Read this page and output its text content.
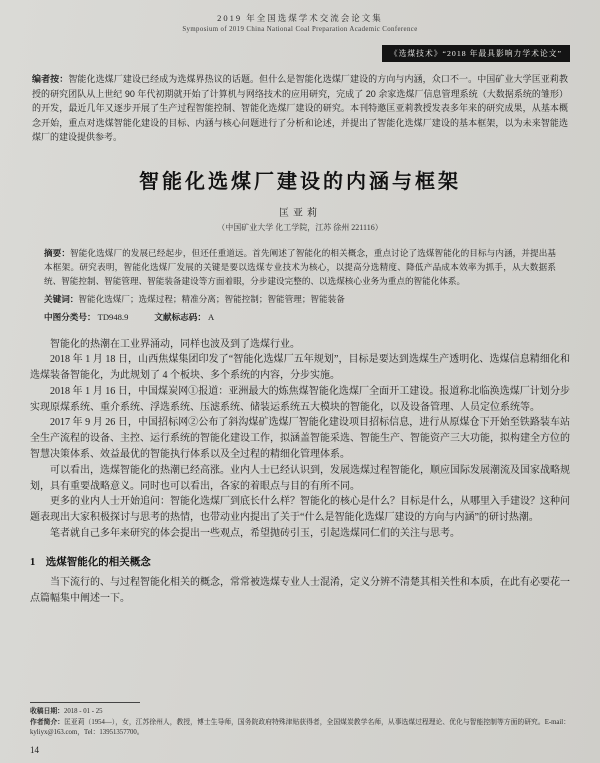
2019 年全国选煤学术交流会论文集
Symposium of 2019 China National Coal Preparation Academic Conference
《选煤技术》“2018 年最具影响力学术论文”

编者按：智能化选煤厂建设已经成为选煤界热议的话题。但什么是智能化选煤厂建设的方向与内涵，众口不一。中国矿业大学匡亚莉教授的研究团队从上世纪 90 年代初期就开始了计算机与网络技术的应用研究，完成了 20 余家选煤厂信息管理系统（大数据系统的雏形）的开发，最近几年又逐步开展了生产过程智能控制、智能化选煤厂建设的研究。本刊特邀匡亚莉教授发表多年来的研究成果，从基本概念开始，重点对选煤智能化建设的目标、内涵与核心问题进行了分析和论述，并提出了智能化选煤厂建设的基本框架，以为未来智能选煤厂的建设提供参考。

智能化选煤厂建设的内涵与框架
匡亚莉
（中国矿业大学 化工学院，江苏 徐州 221116）

摘要：智能化选煤厂的发展已经起步，但还任重道远。首先阐述了智能化的相关概念，重点讨论了选煤智能化的目标与内涵，并提出基本框架。研究表明，智能化选煤厂发展的关键是要以选煤专业技术为核心，以提高分选精度、降低产品成本效率为抓手，从大数据系统、智能控制、智能管理、智能装备建设等方面着眼，分步建设完整的、以选煤核心业务为重点的智能化体系。

关键词：智能化选煤厂；选煤过程；精准分离；智能控制；智能管理；智能装备

中图分类号： TD948.9	文献标志码： A

智能化的热潮在工业界涌动，同样也波及到了选煤行业。

2018 年 1 月 18 日，山西焦煤集团印发了“智能化选煤厂五年规划”，目标是要达到选煤生产透明化、选煤信息精细化和选煤装备智能化，为此规划了 4 个板块、多个系统的内容，分步实施。

2018 年 1 月 16 日，中国煤炭网①报道：亚洲最大的炼焦煤智能化选煤厂全面开工建设。报道称北临涣选煤厂计划分步实现原煤系统、重介系统、浮选系统、压滤系统、储装运系统五大模块的智能化，以及设备管理、人员定位系统等。

2017 年 9 月 26 日，中国招标网②公布了斜沟煤矿选煤厂智能化建设项目招标信息，进行从原煤仓下开始至铁路装车站全生产流程的设备、主控、运行系统的智能化建设工作，拟涵盖智能采选、智能生产、智能资产三大功能，拟构建全方位的智慧决策体系、效益最优的智能执行体系以及全过程的精细化管理体系。

可以看出，选煤智能化的热潮已经高涨。业内人士已经认识到，发展选煤过程智能化，顺应国际发展潮流及国家战略规划，具有重要战略意义。同时也可以看出，各家的着眼点与目的有所不同。

更多的业内人士开始追问：智能化选煤厂到底长什么样？智能化的核心是什么？目标是什么，从哪里入手建设？这种问题表现出大家积极探讨与思考的热情，也带动业内提出了关于“什么是智能化选煤厂建设的方向与内涵”的研讨热潮。

笔者就自己多年来研究的体会提出一些观点，希望抛砖引玉，引起选煤同仁们的关注与思考。

1　选煤智能化的相关概念

当下流行的、与过程智能化相关的概念，常常被选煤专业人士混淆，定义分辨不清楚其相关性和本质，在此有必要花一点篇幅集中阐述一下。

收稿日期：2018 - 01 - 25

作者简介：匡亚莉（1954—），女，江苏徐州人，教授，博士生导师，国务院政府特殊津贴获得者，全国煤炭教学名师，从事选煤过程理论、优化与智能控制等方面的研究。E-mail：kyliyx@163.com，Tel：13951357700。

14
